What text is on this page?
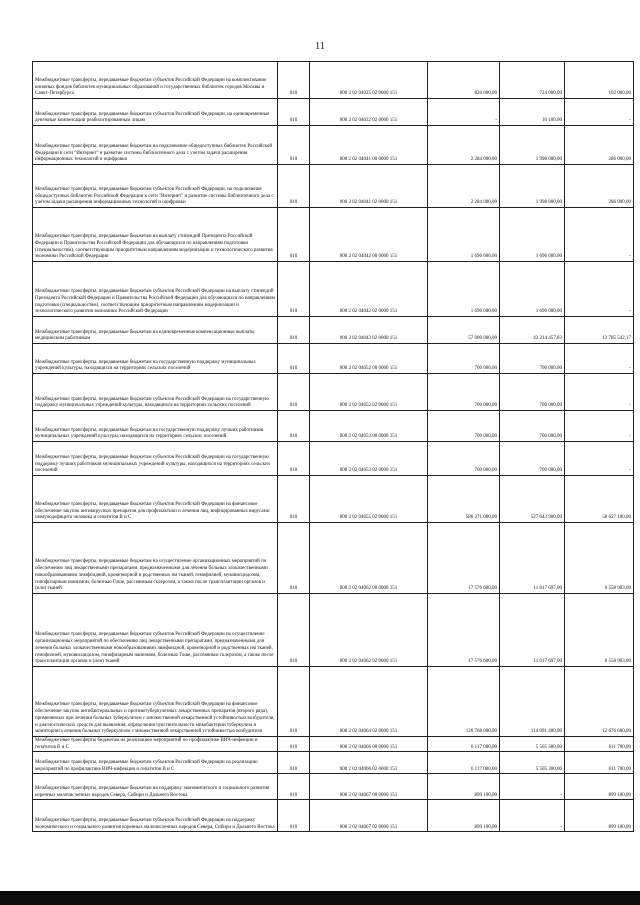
11
Межбюджетные трансферты, передаваемые бюджетам субъектов Российской Федерации на комплектование книжных фондов библиотек муниципальных образований и государственных библиотек городов Москвы и Санкт-Петербурга	010	000 2 02 04025 02 0000 151	826 000,00	724 000,00	102 000,00
Межбюджетные трансферты, передаваемые бюджетам субъектов Российской Федерации, на единовременные денежные компенсации реабилитированным лицам	010	000 2 02 04032 02 0000 151	-	10 100,00	-
Межбюджетные трансферты, передаваемые бюджетам на подключение общедоступных библиотек Российской Федерации к сети "Интернет" и развитие системы библиотечного дела с учетом задачи расширения информационных технологий и оцифровки	010	000 2 02 04041 00 0000 151	2 284 000,00	1 998 000,00	286 000,00
Межбюджетные трансферты, передаваемые бюджетам субъектов Российской Федерации, на подключение общедоступных библиотек Российской Федерации к сети "Интернет" и развитие системы библиотечного дела с учетом задачи расширения информационных технологий и оцифровки	010	000 2 02 04041 02 0000 151	2 284 000,00	1 998 000,00	286 000,00
Межбюджетные трансферты, передаваемые бюджетам на выплату стипендий Президента Российской Федерации и Правительства Российской Федерации для обучающихся по направлениям подготовки (специальностям), соответствующим приоритетным направлениям модернизации и технологического развития экономики Российской Федерации	010	000 2 02 04042 00 0000 151	1 696 000,00	1 696 000,00	-
Межбюджетные трансферты, передаваемые бюджетам субъектов Российской Федерации на выплату стипендий Президента Российской Федерации и Правительства Российской Федерации для обучающихся по направлениям подготовки (специальностям), соответствующим приоритетным направлениям модернизации и технологического развития экономики Российской Федерации	010	000 2 02 04042 02 0000 151	1 696 000,00	1 696 000,00	-
Межбюджетные трансферты, передаваемые бюджетам на единовременные компенсационные выплаты медицинским работникам	010	000 2 02 04043 02 0000 151	57 000 000,00	43 214 457,83	13 785 542,17
Межбюджетные трансферты, передаваемые бюджетам на государственную поддержку муниципальных учреждений культуры, находящихся на территориях сельских поселений	010	000 2 02 04052 00 0000 151	700 000,00	700 000,00	-
Межбюджетные трансферты, передаваемые бюджетам субъектов Российской Федерации на государственную поддержку муниципальных учреждений культуры, находящихся на территориях сельских поселений	010	000 2 02 04052 02 0000 151	700 000,00	700 000,00	-
Межбюджетные трансферты, передаваемые бюджетам на государственную поддержку лучших работников муниципальных учреждений культуры, находящихся на территориях сельских поселений	010	000 2 02 04053 00 0000 151	700 000,00	700 000,00	-
Межбюджетные трансферты, передаваемые бюджетам субъектов Российской Федерации на государственную поддержку лучших работников муниципальных учреждений культуры, находящихся на территориях сельских поселений	010	000 2 02 04053 02 0000 151	700 000,00	700 000,00	-
Межбюджетные трансферты, передаваемые бюджетам субъектов Российской Федерации на финансовое обеспечение закупок антивирусных препаратов для профилактики и лечения лиц, инфицированных вирусами иммунодефицита человека и гепатитов В и С	010	000 2 02 04055 02 0000 151	586 271 000,00	527 643 900,00	58 627 100,00
Межбюджетные трансферты, передаваемые бюджетам на осуществление организационных мероприятий по обеспечению лиц лекарственными препаратами, предназначенными для лечения больных злокачественными новообразованиями лимфоидной, кроветворной и родственных им тканей, гемофилией, муковисцидозом, гипофизарным нанизмом, болезнью Гоше, рассеянным склерозом, а также после трансплантации органов и (или) тканей	010	000 2 02 04062 00 0000 151	17 576 600,00	11 017 697,00	6 558 903,00
Межбюджетные трансферты, передаваемые бюджетам субъектов Российской Федерации на осуществление организационных мероприятий по обеспечению лиц лекарственными препаратами, предназначенными для лечения больных злокачественными новообразованиями лимфоидной, кроветворной и родственных им тканей, гемофилией, муковисцидозом, гипофизарным нанизмом, болезнью Гоше, рассеянным склерозом, а также после трансплантации органов и (или) тканей	010	000 2 02 04062 02 0000 151	17 576 600,00	11 017 697,00	6 558 903,00
Межбюджетные трансферты, передаваемые бюджетам субъектов Российской Федерации на финансовое обеспечение закупок антибактериальных и противотуберкулезных лекарственных препаратов (второго ряда), применяемых при лечении больных туберкулезом с множественной лекарственной устойчивостью возбудителя, и диагностических средств для выявления, определения чувствительности микобактерии туберкулеза и мониторинга лечения больных туберкулезом с множественной лекарственной устойчивостью возбудителя	010	000 2 02 04064 02 0000 151	126 768 000,00	114 091 400,00	12 676 600,00
Межбюджетные трансферты бюджетам на реализацию мероприятий по профилактике ВИЧ-инфекции и гепатитов В и С	010	000 2 02 04066 00 0000 151	6 117 000,00	5 505 300,00	611 700,00
Межбюджетные трансферты, передаваемые бюджетам субъектов Российской Федерации на реализацию мероприятий по профилактике ВИЧ-инфекции и гепатитов В и С	010	000 2 02 04066 02 0000 151	6 117 000,00	5 505 300,00	611 700,00
Межбюджетные трансферты, передаваемые бюджетам на поддержку экономического и социального развития коренных малочисленных народов Севера, Сибири и Дальнего Востока	010	000 2 02 04067 00 0000 151	899 100,00	-	899 100,00
Межбюджетные трансферты, передаваемые бюджетам субъектов Российской Федерации на поддержку экономического и социального развития коренных малочисленных народов Севера, Сибири и Дальнего Востока	010	000 2 02 04067 02 0000 151	899 100,00	-	899 100,00
